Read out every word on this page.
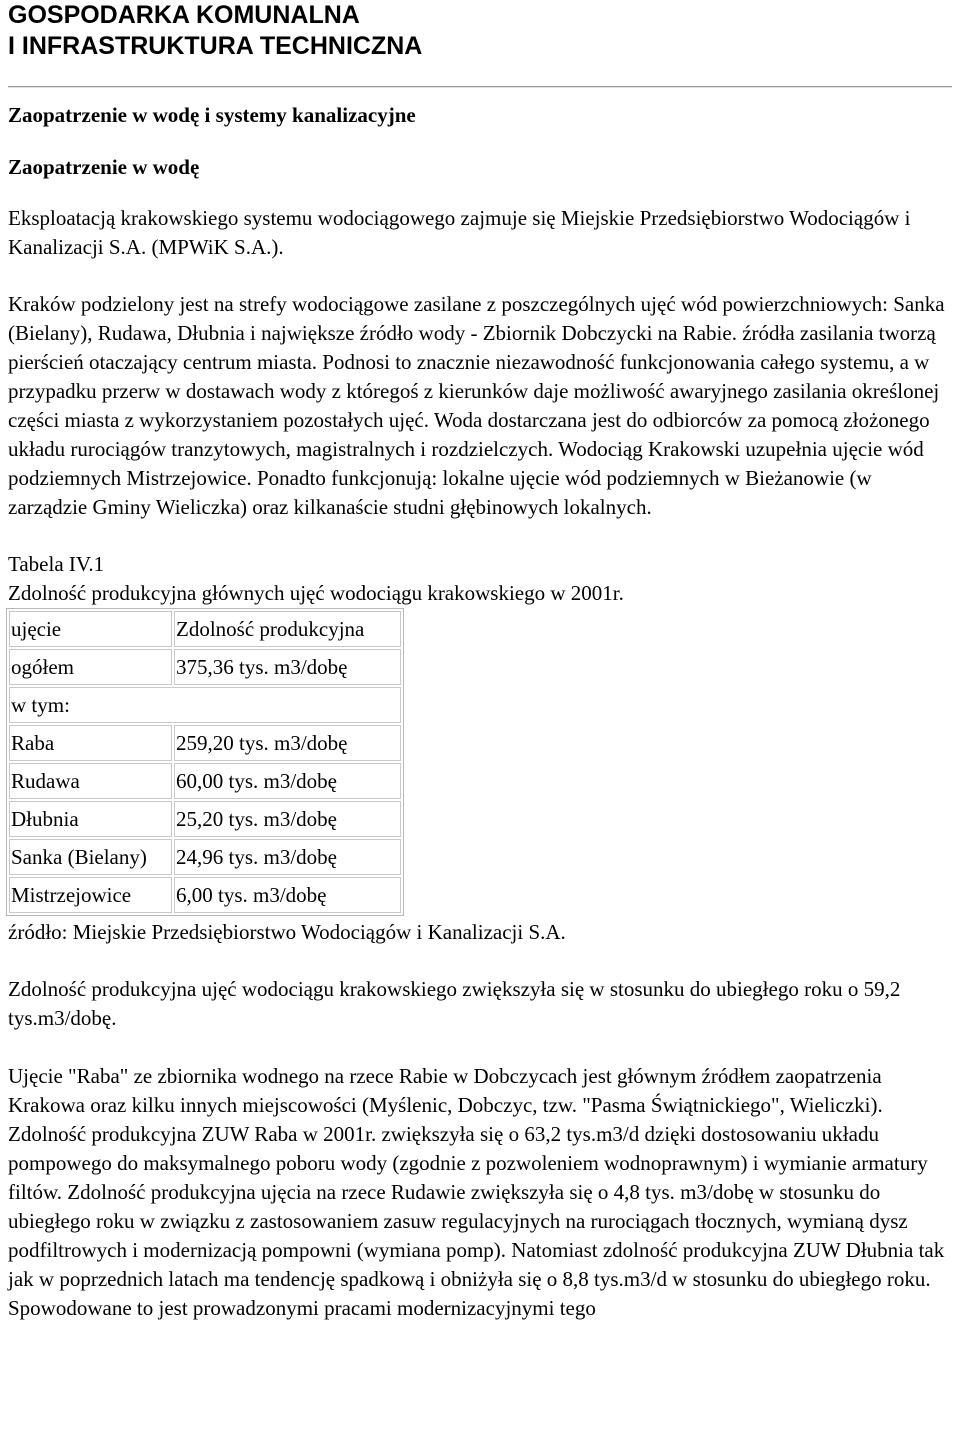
GOSPODARKA KOMUNALNA
I INFRASTRUKTURA TECHNICZNA
Zaopatrzenie w wodę i systemy kanalizacyjne
Zaopatrzenie w wodę

Eksploatacją krakowskiego systemu wodociągowego zajmuje się Miejskie Przedsiębiorstwo Wodociągów i Kanalizacji S.A. (MPWiK S.A.).

Kraków podzielony jest na strefy wodociągowe zasilane z poszczególnych ujęć wód powierzchniowych: Sanka (Bielany), Rudawa, Dłubnia i największe źródło wody - Zbiornik Dobczycki na Rabie. źródła zasilania tworzą pierścień otaczający centrum miasta. Podnosi to znacznie niezawodność funkcjonowania całego systemu, a w przypadku przerw w dostawach wody z któregoś z kierunków daje możliwość awaryjnego zasilania określonej części miasta z wykorzystaniem pozostałych ujęć. Woda dostarczana jest do odbiorców za pomocą złożonego układu rurociągów tranzytowych, magistralnych i rozdzielczych. Wodociąg Krakowski uzupełnia ujęcie wód podziemnych Mistrzejowice. Ponadto funkcjonują: lokalne ujęcie wód podziemnych w Bieżanowie (w zarządzie Gminy Wieliczka) oraz kilkanaście studni głębinowych lokalnych.

Tabela IV.1

Zdolność produkcyjna głównych ujęć wodociągu krakowskiego w 2001r.

ujęcie	Zdolność produkcyjna
ogółem	375,36 tys. m3/dobę
w tym:	
Raba	259,20 tys. m3/dobę
Rudawa	60,00 tys. m3/dobę
Dłubnia	25,20 tys. m3/dobę
Sanka (Bielany)	24,96 tys. m3/dobę
Mistrzejowice	6,00 tys. m3/dobę

źródło: Miejskie Przedsiębiorstwo Wodociągów i Kanalizacji S.A.

Zdolność produkcyjna ujęć wodociągu krakowskiego zwiększyła się w stosunku do ubiegłego roku o 59,2 tys.m3/dobę.

Ujęcie "Raba" ze zbiornika wodnego na rzece Rabie w Dobczycach jest głównym źródłem zaopatrzenia Krakowa oraz kilku innych miejscowości (Myślenic, Dobczyc, tzw. "Pasma Świątnickiego", Wieliczki). Zdolność produkcyjna ZUW Raba w 2001r. zwiększyła się o 63,2 tys.m3/d dzięki dostosowaniu układu pompowego do maksymalnego poboru wody (zgodnie z pozwoleniem wodnoprawnym) i wymianie armatury filtów. Zdolność produkcyjna ujęcia na rzece Rudawie zwiększyła się o 4,8 tys. m3/dobę w stosunku do ubiegłego roku w związku z zastosowaniem zasuw regulacyjnych na rurociągach tłocznych, wymianą dysz podfiltrowych i modernizacją pompowni (wymiana pomp). Natomiast zdolność produkcyjna ZUW Dłubnia tak jak w poprzednich latach ma tendencję spadkową i obniżyła się o 8,8 tys.m3/d w stosunku do ubiegłego roku. Spowodowane to jest prowadzonymi pracami modernizacyjnymi tego
